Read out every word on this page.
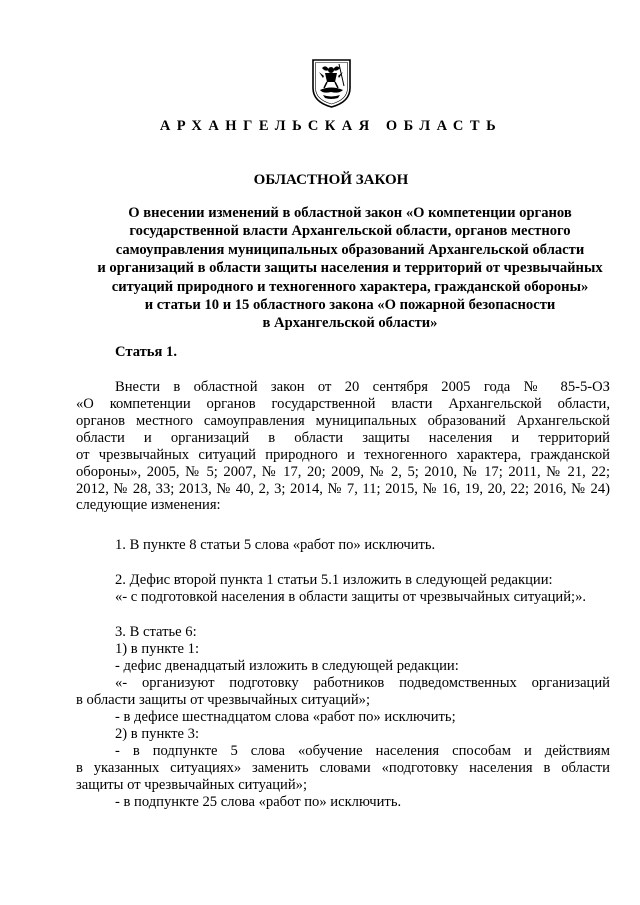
АРХАНГЕЛЬСКАЯ ОБЛАСТЬ
ОБЛАСТНОЙ ЗАКОН
О внесении изменений в областной закон «О компетенции органов
государственной власти Архангельской области, органов местного
самоуправления муниципальных образований Архангельской области
и организаций в области защиты населения и территорий от чрезвычайных
ситуаций природного и техногенного характера, гражданской обороны»
и статьи 10 и 15 областного закона «О пожарной безопасности
в Архангельской области»
Статья 1.
Внести в областной закон от 20 сентября 2005 года № 85-5-ОЗ
«О компетенции органов государственной власти Архангельской области,
органов местного самоуправления муниципальных образований Архангельской
области и организаций в области защиты населения и территорий
от чрезвычайных ситуаций природного и техногенного характера, гражданской
обороны», 2005, № 5; 2007, № 17, 20; 2009, № 2, 5; 2010, № 17; 2011, № 21, 22;
2012, № 28, 33; 2013, № 40, 2, 3; 2014, № 7, 11; 2015, № 16, 19, 20, 22; 2016, № 24)
следующие изменения:
1. В пункте 8 статьи 5 слова «работ по» исключить.
2. Дефис второй пункта 1 статьи 5.1 изложить в следующей редакции:
«- с подготовкой населения в области защиты от чрезвычайных ситуаций;».
3. В статье 6:
1) в пункте 1:
- дефис двенадцатый изложить в следующей редакции:
«- организуют подготовку работников подведомственных организаций
в области защиты от чрезвычайных ситуаций»;
- в дефисе шестнадцатом слова «работ по» исключить;
2) в пункте 3:
- в подпункте 5 слова «обучение населения способам и действиям
в указанных ситуациях» заменить словами «подготовку населения в области
защиты от чрезвычайных ситуаций»;
- в подпункте 25 слова «работ по» исключить.
